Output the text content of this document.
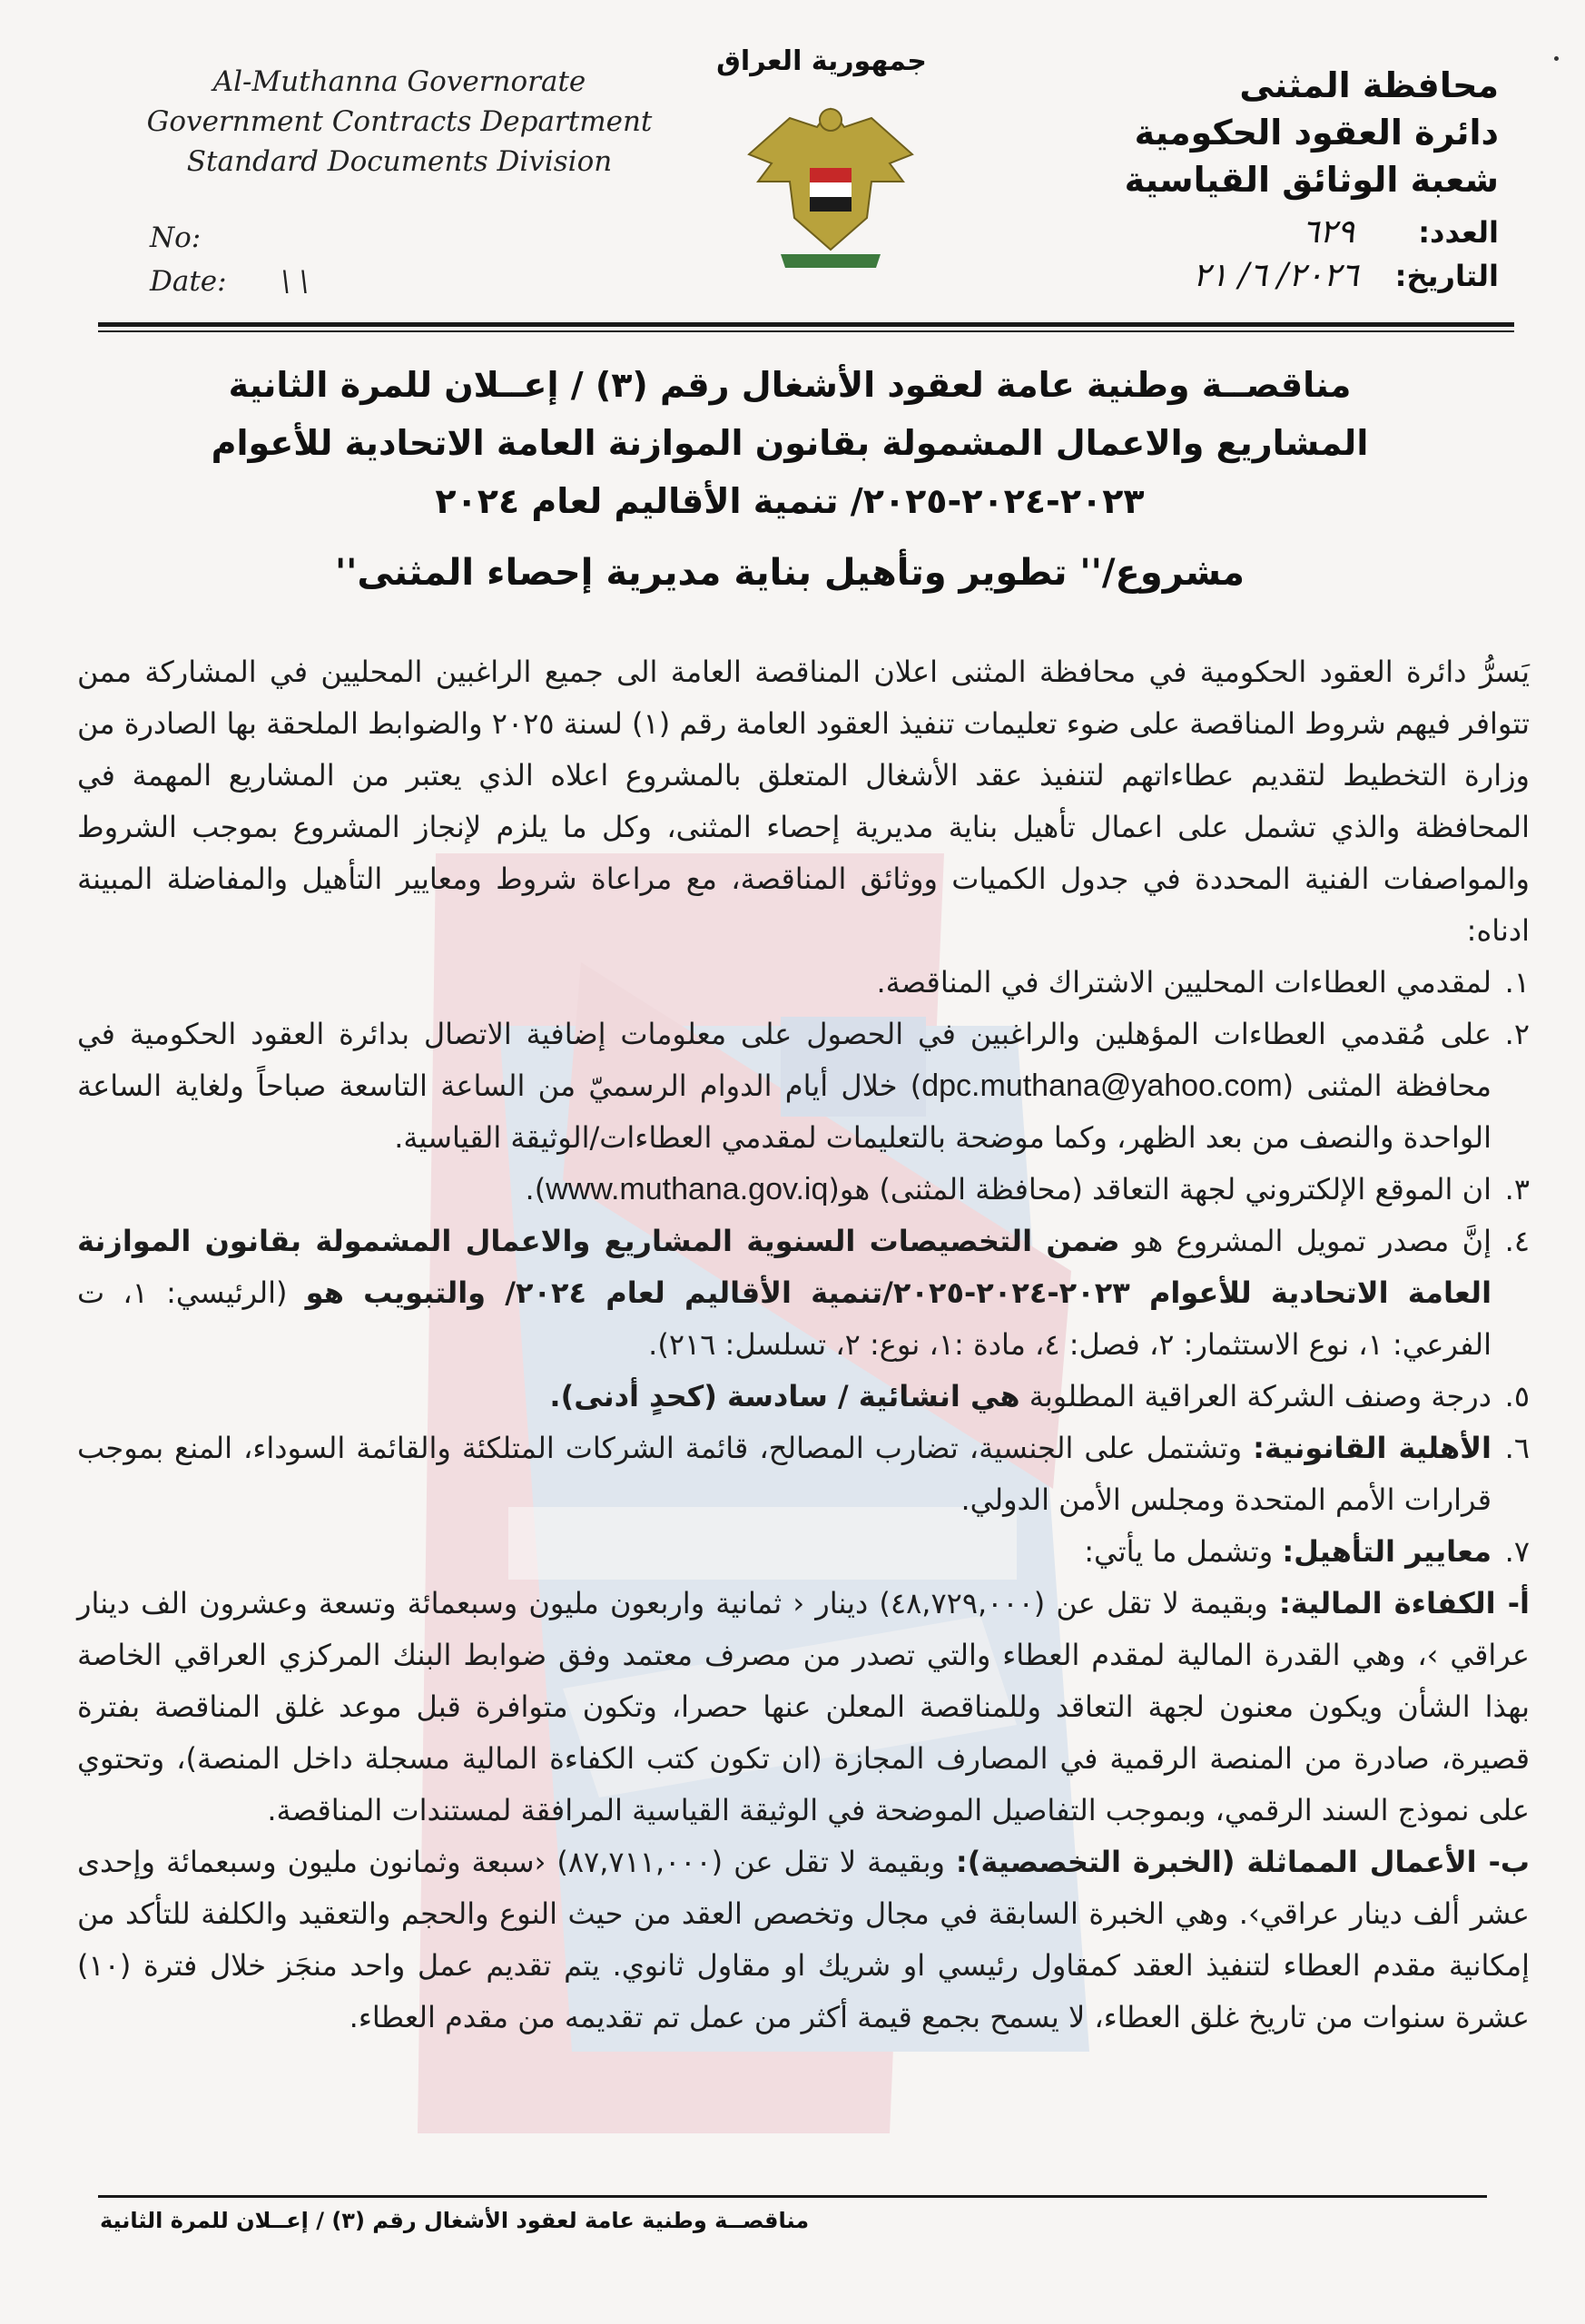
Al-Muthanna Governorate
Government Contracts Department
Standard Documents Division
No:
Date: \ \
جمهورية العراق
محافظة المثنى
دائرة العقود الحكومية
شعبة الوثائق القياسية
العدد: ٦٢٩
التاريخ: ٢٠٢٦/ ٦/ ٢١
مناقصــة وطنية عامة لعقود الأشغال رقم (٣) / إعــلان للمرة الثانية
المشاريع والاعمال المشمولة بقانون الموازنة العامة الاتحادية للأعوام
٢٠٢٣-٢٠٢٤-٢٠٢٥/ تنمية الأقاليم لعام ٢٠٢٤
مشروع/'' تطوير وتأهيل بناية مديرية إحصاء المثنى''

يَسرُّ دائرة العقود الحكومية في محافظة المثنى اعلان المناقصة العامة الى جميع الراغبين المحليين في المشاركة ممن تتوافر فيهم شروط المناقصة على ضوء تعليمات تنفيذ العقود العامة رقم (١) لسنة ٢٠٢٥ والضوابط الملحقة بها الصادرة من وزارة التخطيط لتقديم عطاءاتهم لتنفيذ عقد الأشغال المتعلق بالمشروع اعلاه الذي يعتبر من المشاريع المهمة في المحافظة والذي تشمل على اعمال تأهيل بناية مديرية إحصاء المثنى، وكل ما يلزم لإنجاز المشروع بموجب الشروط والمواصفات الفنية المحددة في جدول الكميات ووثائق المناقصة، مع مراعاة شروط ومعايير التأهيل والمفاضلة المبينة ادناه:

١.
لمقدمي العطاءات المحليين الاشتراك في المناقصة.
٢.
على مُقدمي العطاءات المؤهلين والراغبين في الحصول على معلومات إضافية الاتصال بدائرة العقود الحكومية في محافظة المثنى (dpc.muthana@yahoo.com) خلال أيام الدوام الرسميّ من الساعة التاسعة صباحاً ولغاية الساعة الواحدة والنصف من بعد الظهر، وكما موضحة بالتعليمات لمقدمي العطاءات/الوثيقة القياسية.
٣.
ان الموقع الإلكتروني لجهة التعاقد (محافظة المثنى) هو(www.muthana.gov.iq).
٤.
إنَّ مصدر تمويل المشروع هو ضمن التخصيصات السنوية المشاريع والاعمال المشمولة بقانون الموازنة العامة الاتحادية للأعوام ٢٠٢٣-٢٠٢٤-٢٠٢٥/تنمية الأقاليم لعام ٢٠٢٤/ والتبويب هو (الرئيسي: ١، ت الفرعي: ١، نوع الاستثمار: ٢، فصل: ٤، مادة :١، نوع: ٢، تسلسل: ٢١٦).
٥.
درجة وصنف الشركة العراقية المطلوبة هي انشائية / سادسة (كحدٍ أدنى).
٦.
الأهلية القانونية: وتشتمل على الجنسية، تضارب المصالح، قائمة الشركات المتلكئة والقائمة السوداء، المنع بموجب قرارات الأمم المتحدة ومجلس الأمن الدولي.
٧.
معايير التأهيل: وتشمل ما يأتي:

أ- الكفاءة المالية: وبقيمة لا تقل عن (٤٨,٧٢٩,٠٠٠) دينار ‹ ثمانية واربعون مليون وسبعمائة وتسعة وعشرون الف دينار عراقي ›، وهي القدرة المالية لمقدم العطاء والتي تصدر من مصرف معتمد وفق ضوابط البنك المركزي العراقي الخاصة بهذا الشأن ويكون معنون لجهة التعاقد وللمناقصة المعلن عنها حصرا، وتكون متوافرة قبل موعد غلق المناقصة بفترة قصيرة، صادرة من المنصة الرقمية في المصارف المجازة (ان تكون كتب الكفاءة المالية مسجلة داخل المنصة)، وتحتوي على نموذج السند الرقمي، وبموجب التفاصيل الموضحة في الوثيقة القياسية المرافقة لمستندات المناقصة.

ب- الأعمال المماثلة (الخبرة التخصصية): وبقيمة لا تقل عن (٨٧,٧١١,٠٠٠) ‹سبعة وثمانون مليون وسبعمائة وإحدى عشر ألف دينار عراقي›. وهي الخبرة السابقة في مجال وتخصص العقد من حيث النوع والحجم والتعقيد والكلفة للتأكد من إمكانية مقدم العطاء لتنفيذ العقد كمقاول رئيسي او شريك او مقاول ثانوي. يتم تقديم عمل واحد منجَز خلال فترة (١٠) عشرة سنوات من تاريخ غلق العطاء، لا يسمح بجمع قيمة أكثر من عمل تم تقديمه من مقدم العطاء.

مناقصــة وطنية عامة لعقود الأشغال رقم (٣) / إعــلان للمرة الثانية
